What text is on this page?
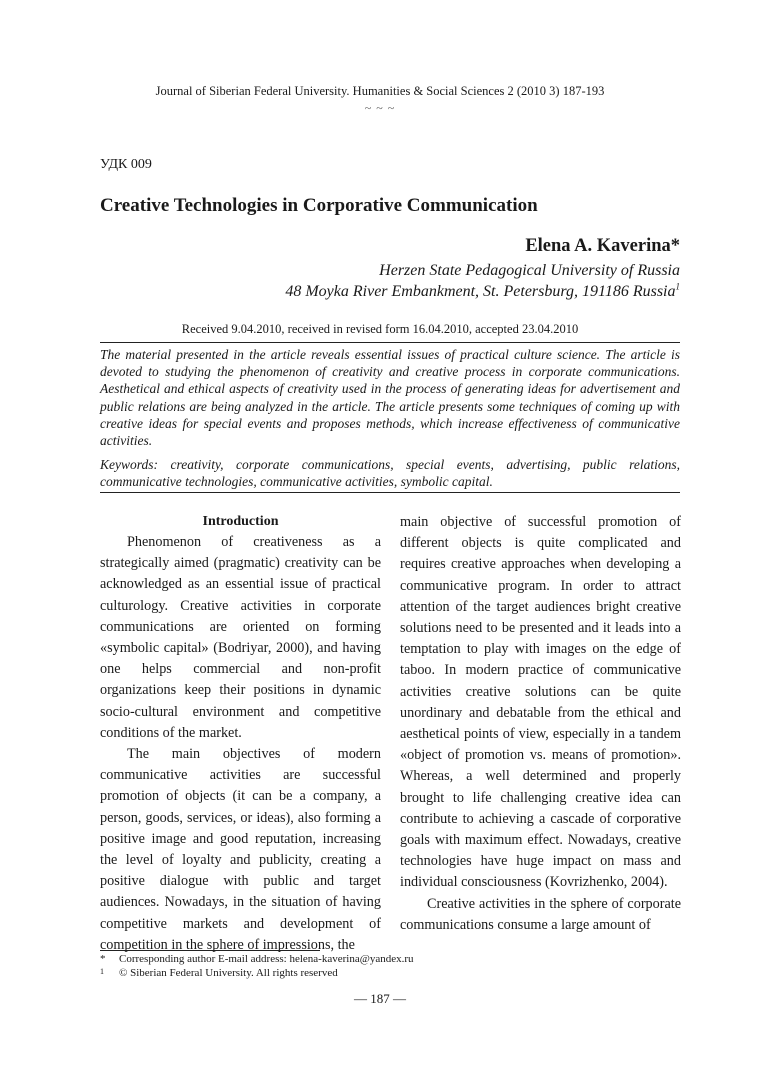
Journal of Siberian Federal University. Humanities & Social Sciences 2 (2010 3) 187-193
~ ~ ~
УДК 009
Creative Technologies in Corporative Communication
Elena A. Kaverina*
Herzen State Pedagogical University of Russia
48 Moyka River Embankment, St. Petersburg, 191186 Russia$^1$
Received 9.04.2010, received in revised form 16.04.2010, accepted 23.04.2010

The material presented in the article reveals essential issues of practical culture science. The article is devoted to studying the phenomenon of creativity and creative process in corporate communications. Aesthetical and ethical aspects of creativity used in the process of generating ideas for advertisement and public relations are being analyzed in the article. The article presents some techniques of coming up with creative ideas for special events and proposes methods, which increase effectiveness of communicative activities.

Keywords: creativity, corporate communications, special events, advertising, public relations, communicative technologies, communicative activities, symbolic capital.

Introduction

Phenomenon of creativeness as a strategically aimed (pragmatic) creativity can be acknowledged as an essential issue of practical culturology. Creative activities in corporate communications are oriented on forming «symbolic capital» (Bodriyar, 2000), and having one helps commercial and non-profit organizations keep their positions in dynamic socio-cultural environment and competitive conditions of the market.

The main objectives of modern communicative activities are successful promotion of objects (it can be a company, a person, goods, services, or ideas), also forming a positive image and good reputation, increasing the level of loyalty and publicity, creating a positive dialogue with public and target audiences. Nowadays, in the situation of having competitive markets and development of competition in the sphere of impressions, the

main objective of successful promotion of different objects is quite complicated and requires creative approaches when developing a communicative program. In order to attract attention of the target audiences bright creative solutions need to be presented and it leads into a temptation to play with images on the edge of taboo. In modern practice of communicative activities creative solutions can be quite unordinary and debatable from the ethical and aesthetical points of view, especially in a tandem «object of promotion vs. means of promotion». Whereas, a well determined and properly brought to life challenging creative idea can contribute to achieving a cascade of corporative goals with maximum effect. Nowadays, creative technologies have huge impact on mass and individual consciousness (Kovrizhenko, 2004).

Creative activities in the sphere of corporate communications consume a large amount of

* Corresponding author E-mail address: helena-kaverina@yandex.ru
1 © Siberian Federal University. All rights reserved
— 187 —
